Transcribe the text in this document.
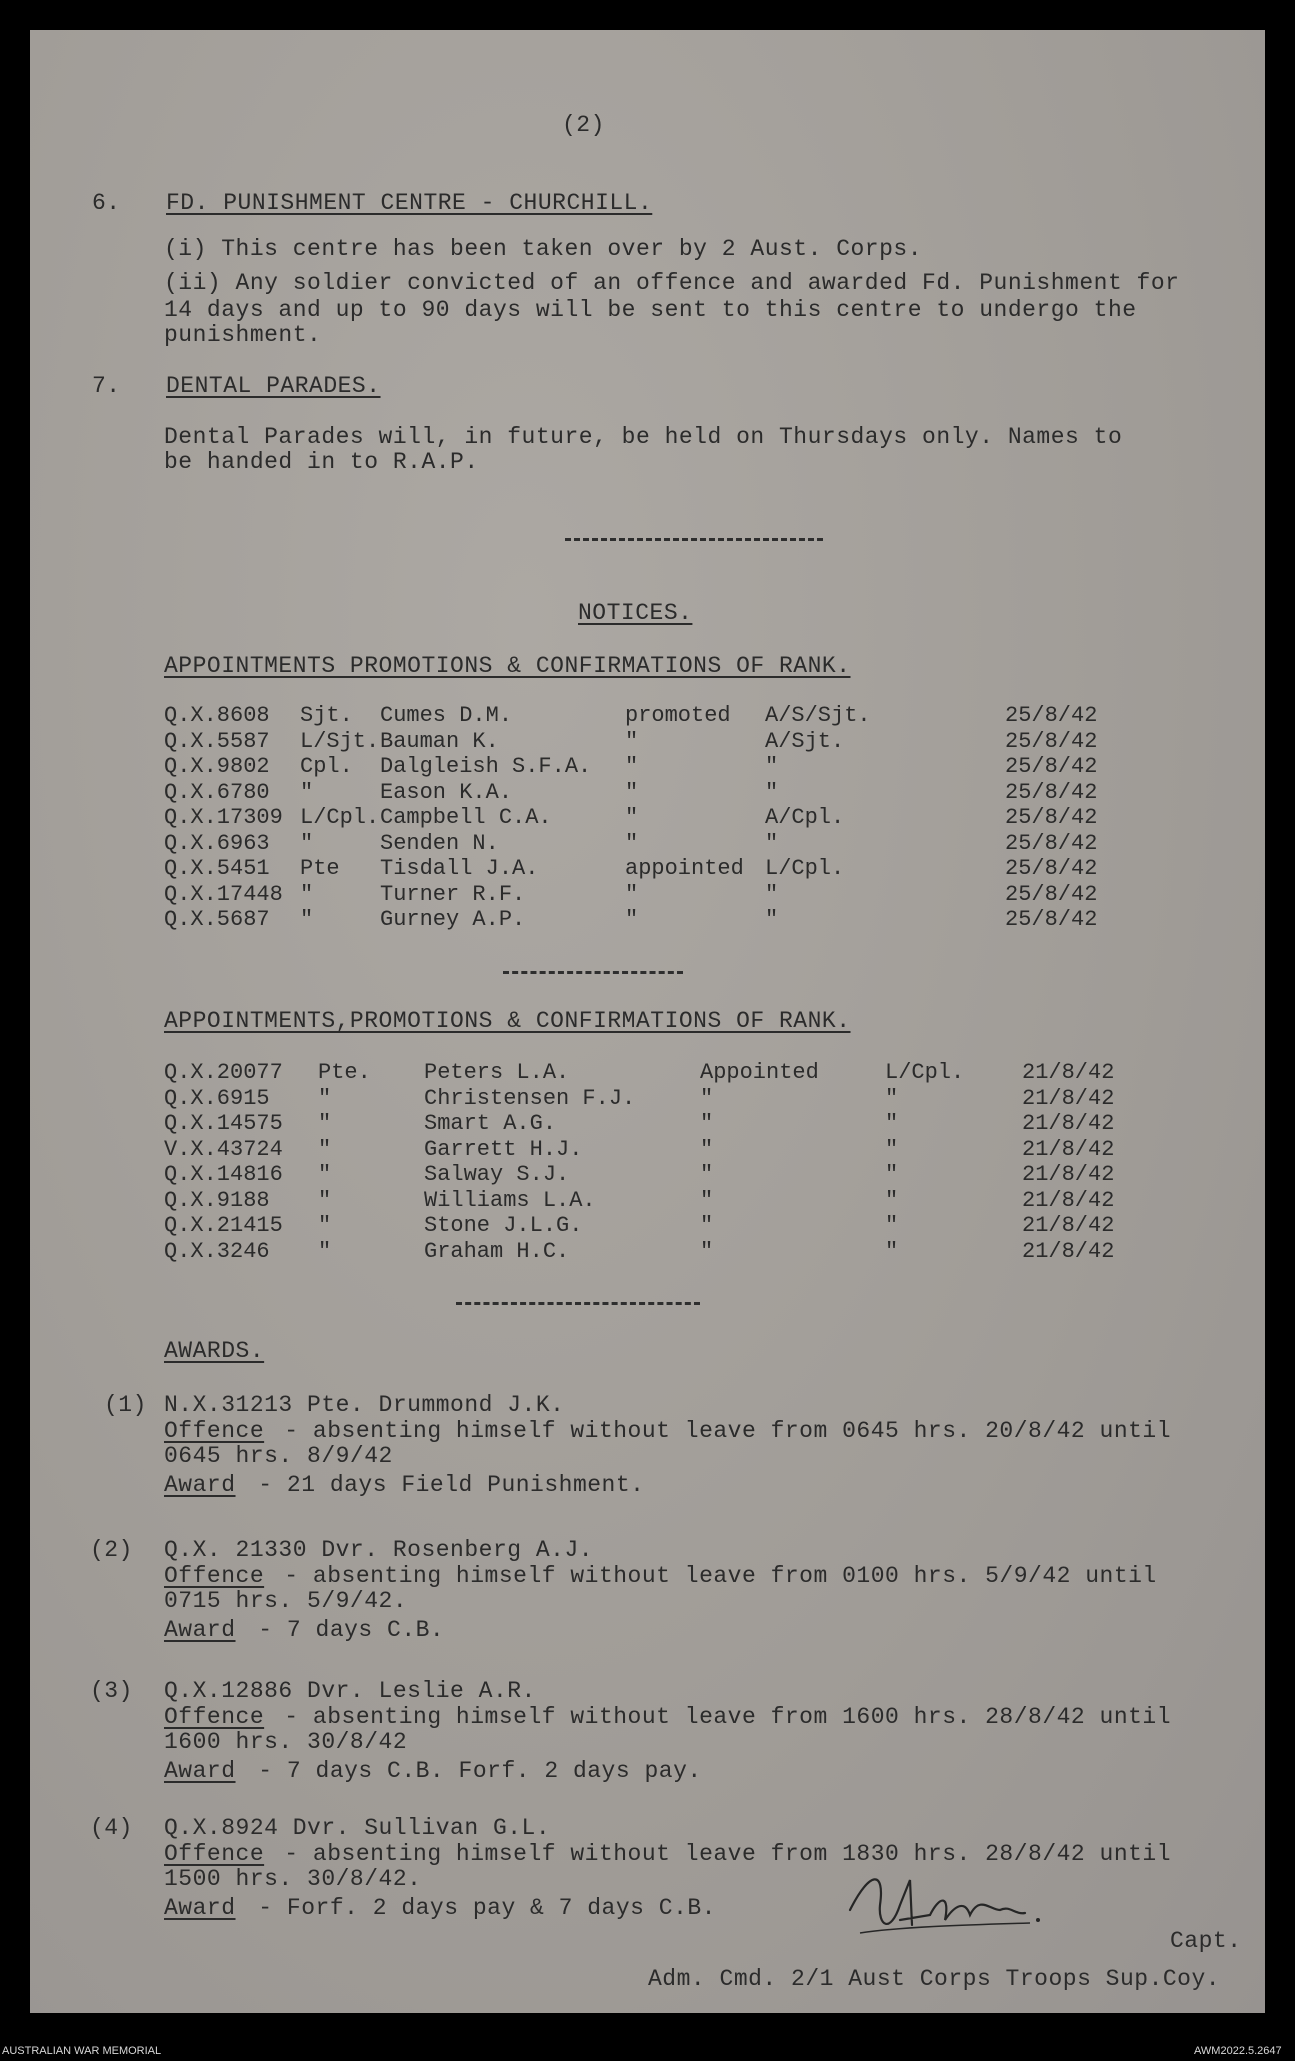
(2)
6. FD. PUNISHMENT CENTRE - CHURCHILL.
(i) This centre has been taken over by 2 Aust. Corps.
(ii) Any soldier convicted of an offence and awarded Fd. Punishment for
14 days and up to 90 days will be sent to this centre to undergo the
punishment.
7. DENTAL PARADES.
Dental Parades will, in future, be held on Thursdays only. Names to
be handed in to R.A.P.
NOTICES.
APPOINTMENTS PROMOTIONS & CONFIRMATIONS OF RANK.
Q.X.8608 Sjt. Cumes D.M.	promoted A/S/Sjt.	25/8/42
Q.X.5587 L/Sjt. Bauman K.	"	A/Sjt.	25/8/42
Q.X.9802 Cpl. Dalgleish S.F.A. "	"	25/8/42
Q.X.6780 "	Eason K.A.	"	"	25/8/42
Q.X.17309 L/Cpl. Campbell C.A.	"	A/Cpl.	25/8/42
Q.X.6963 "	Senden N.	"	"	25/8/42
Q.X.5451 Pte Tisdall J.A.	appointed L/Cpl.	25/8/42
Q.X.17448 "	Turner R.F.	"	"	25/8/42
Q.X.5687 "	Gurney A.P.	"	"	25/8/42
APPOINTMENTS,PROMOTIONS & CONFIRMATIONS OF RANK.
Q.X.20077 Pte. Peters L.A.	Appointed	L/Cpl.	21/8/42
Q.X.6915 "	Christensen F.J.	"	"	21/8/42
Q.X.14575 "	Smart A.G.	"	"	21/8/42
V.X.43724 "	Garrett H.J.	"	"	21/8/42
Q.X.14816 "	Salway S.J.	"	"	21/8/42
Q.X.9188 "	Williams L.A.	"	"	21/8/42
Q.X.21415 "	Stone J.L.G.	"	"	21/8/42
Q.X.3246 "	Graham H.C.	"	"	21/8/42
AWARDS.
(1) N.X.31213 Pte. Drummond J.K.
Offence - absenting himself without leave from 0645 hrs. 20/8/42 until
0645 hrs. 8/9/42
Award - 21 days Field Punishment.
(2) Q.X. 21330 Dvr. Rosenberg A.J.
Offence - absenting himself without leave from 0100 hrs. 5/9/42 until
0715 hrs. 5/9/42.
Award - 7 days C.B.
(3) Q.X.12886 Dvr. Leslie A.R.
Offence - absenting himself without leave from 1600 hrs. 28/8/42 until
1600 hrs. 30/8/42
Award - 7 days C.B. Forf. 2 days pay.
(4) Q.X.8924 Dvr. Sullivan G.L.
Offence - absenting himself without leave from 1830 hrs. 28/8/42 until
1500 hrs. 30/8/42.
Award - Forf. 2 days pay & 7 days C.B.
Capt.
Adm. Cmd. 2/1 Aust Corps Troops Sup.Coy.
AUSTRALIAN WAR MEMORIAL	AWM2022.5.2647
